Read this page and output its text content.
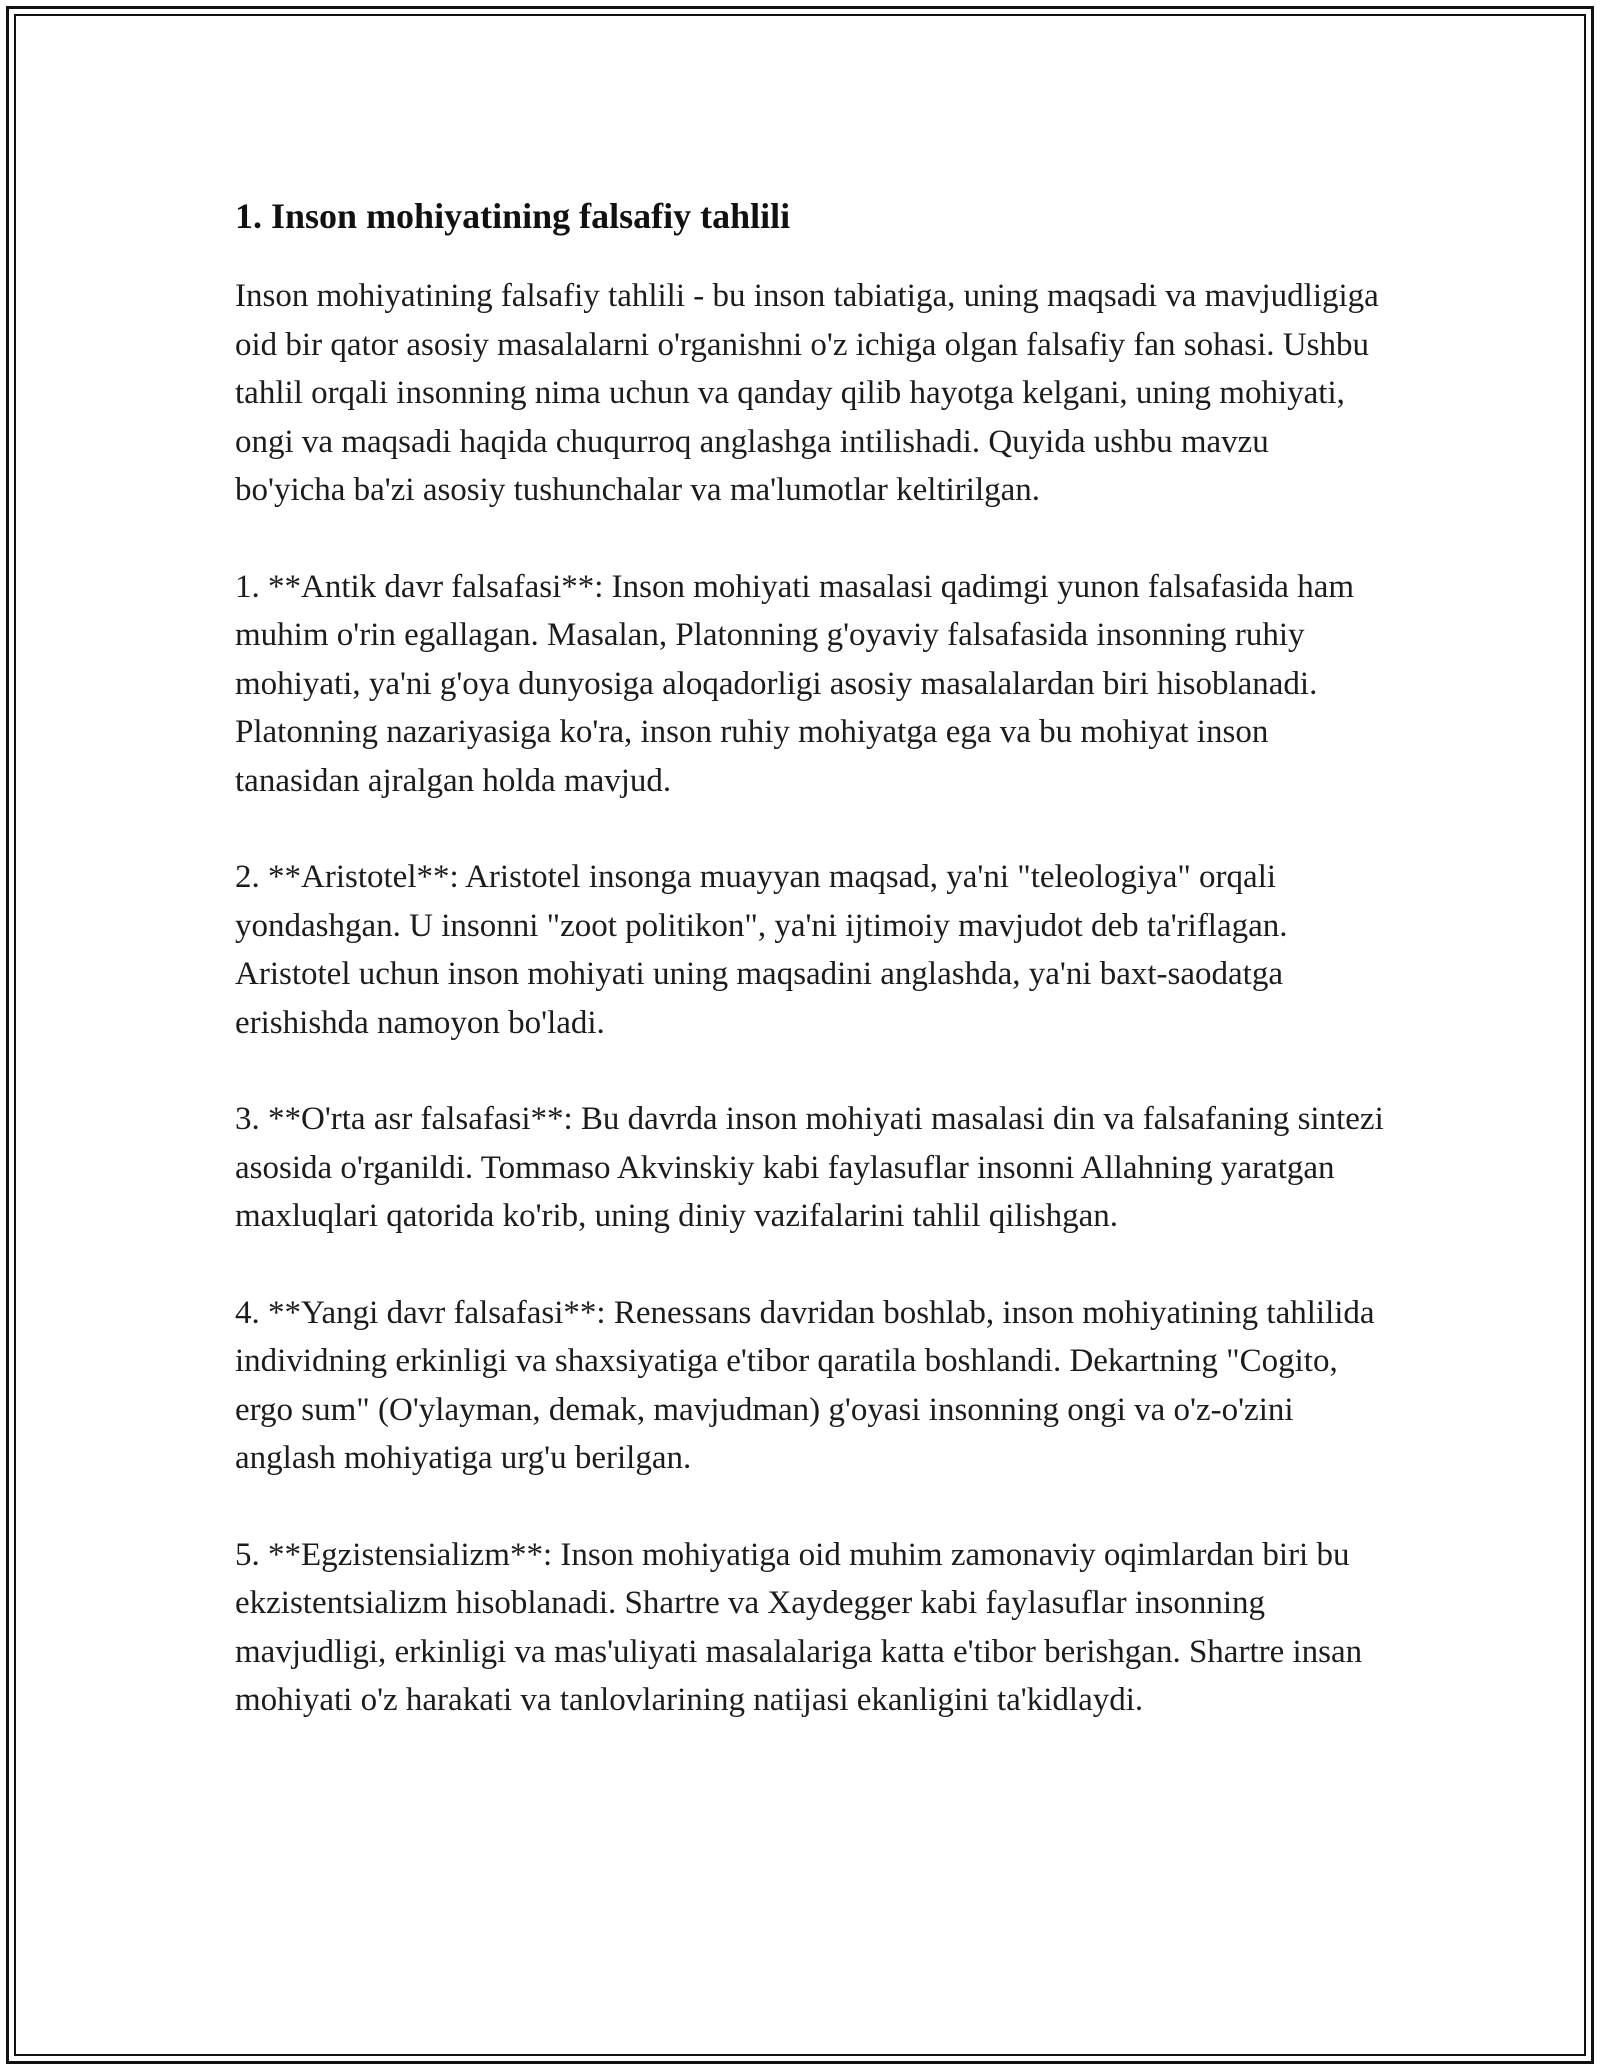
1. Inson mohiyatining falsafiy tahlili

Inson mohiyatining falsafiy tahlili - bu inson tabiatiga, uning maqsadi va mavjudligiga oid bir qator asosiy masalalarni o'rganishni o'z ichiga olgan falsafiy fan sohasi. Ushbu tahlil orqali insonning nima uchun va qanday qilib hayotga kelgani, uning mohiyati, ongi va maqsadi haqida chuqurroq anglashga intilishadi. Quyida ushbu mavzu bo'yicha ba'zi asosiy tushunchalar va ma'lumotlar keltirilgan.

1. **Antik davr falsafasi**: Inson mohiyati masalasi qadimgi yunon falsafasida ham muhim o'rin egallagan. Masalan, Platonning g'oyaviy falsafasida insonning ruhiy mohiyati, ya'ni g'oya dunyosiga aloqadorligi asosiy masalalardan biri hisoblanadi. Platonning nazariyasiga ko'ra, inson ruhiy mohiyatga ega va bu mohiyat inson tanasidan ajralgan holda mavjud.

2. **Aristotel**: Aristotel insonga muayyan maqsad, ya'ni "teleologiya" orqali yondashgan. U insonni "zoot politikon", ya'ni ijtimoiy mavjudot deb ta'riflagan. Aristotel uchun inson mohiyati uning maqsadini anglashda, ya'ni baxt-saodatga erishishda namoyon bo'ladi.

3. **O'rta asr falsafasi**: Bu davrda inson mohiyati masalasi din va falsafaning sintezi asosida o'rganildi. Tommaso Akvinskiy kabi faylasuflar insonni Allahning yaratgan maxluqlari qatorida ko'rib, uning diniy vazifalarini tahlil qilishgan.

4. **Yangi davr falsafasi**: Renessans davridan boshlab, inson mohiyatining tahlilida individning erkinligi va shaxsiyatiga e'tibor qaratila boshlandi. Dekartning "Cogito, ergo sum" (O'ylayman, demak, mavjudman) g'oyasi insonning ongi va o'z-o'zini anglash mohiyatiga urg'u berilgan.

5. **Egzistensializm**: Inson mohiyatiga oid muhim zamonaviy oqimlardan biri bu ekzistentsializm hisoblanadi. Shartre va Xaydegger kabi faylasuflar insonning mavjudligi, erkinligi va mas'uliyati masalalariga katta e'tibor berishgan. Shartre insan mohiyati o'z harakati va tanlovlarining natijasi ekanligini ta'kidlaydi.
